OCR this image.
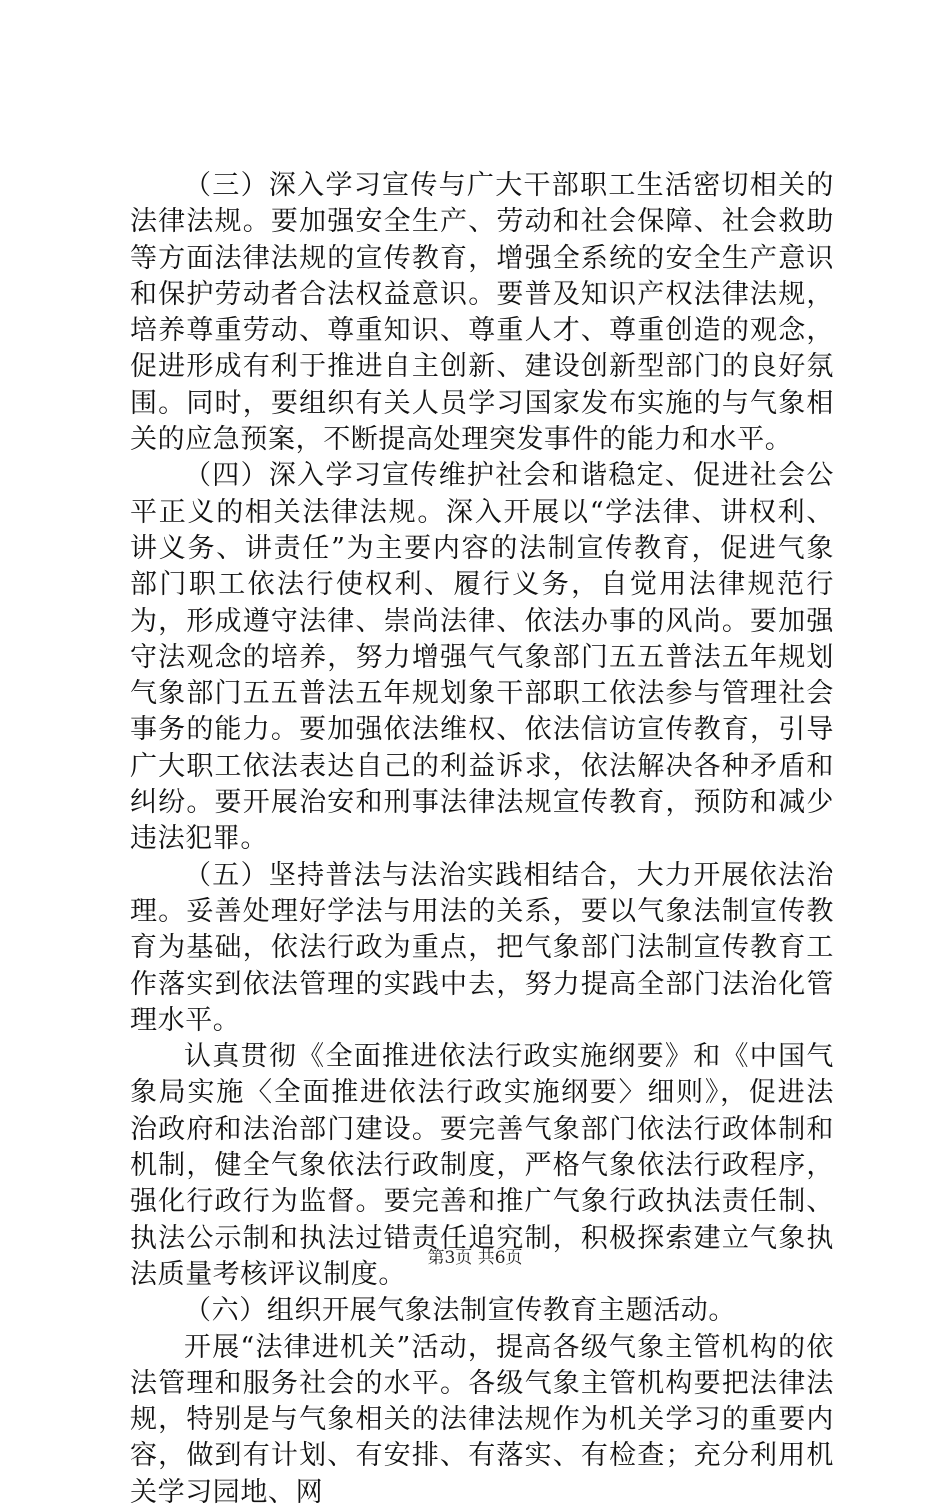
（三）深入学习宣传与广大干部职工生活密切相关的法律法规。要加强安全生产、劳动和社会保障、社会救助等方面法律法规的宣传教育，增强全系统的安全生产意识和保护劳动者合法权益意识。要普及知识产权法律法规，培养尊重劳动、尊重知识、尊重人才、尊重创造的观念，促进形成有利于推进自主创新、建设创新型部门的良好氛围。同时，要组织有关人员学习国家发布实施的与气象相关的应急预案，不断提高处理突发事件的能力和水平。

（四）深入学习宣传维护社会和谐稳定、促进社会公平正义的相关法律法规。深入开展以“学法律、讲权利、讲义务、讲责任”为主要内容的法制宣传教育，促进气象部门职工依法行使权利、履行义务，自觉用法律规范行为，形成遵守法律、崇尚法律、依法办事的风尚。要加强守法观念的培养，努力增强气气象部门五五普法五年规划气象部门五五普法五年规划象干部职工依法参与管理社会事务的能力。要加强依法维权、依法信访宣传教育，引导广大职工依法表达自己的利益诉求，依法解决各种矛盾和纠纷。要开展治安和刑事法律法规宣传教育，预防和减少违法犯罪。

（五）坚持普法与法治实践相结合，大力开展依法治理。妥善处理好学法与用法的关系，要以气象法制宣传教育为基础，依法行政为重点，把气象部门法制宣传教育工作落实到依法管理的实践中去，努力提高全部门法治化管理水平。

认真贯彻《全面推进依法行政实施纲要》和《中国气象局实施〈全面推进依法行政实施纲要〉细则》，促进法治政府和法治部门建设。要完善气象部门依法行政体制和机制，健全气象依法行政制度，严格气象依法行政程序，强化行政行为监督。要完善和推广气象行政执法责任制、执法公示制和执法过错责任追究制，积极探索建立气象执法质量考核评议制度。

（六）组织开展气象法制宣传教育主题活动。

开展“法律进机关”活动，提高各级气象主管机构的依法管理和服务社会的水平。各级气象主管机构要把法律法规，特别是与气象相关的法律法规作为机关学习的重要内容，做到有计划、有安排、有落实、有检查；充分利用机关学习园地、网

第3页 共6页
